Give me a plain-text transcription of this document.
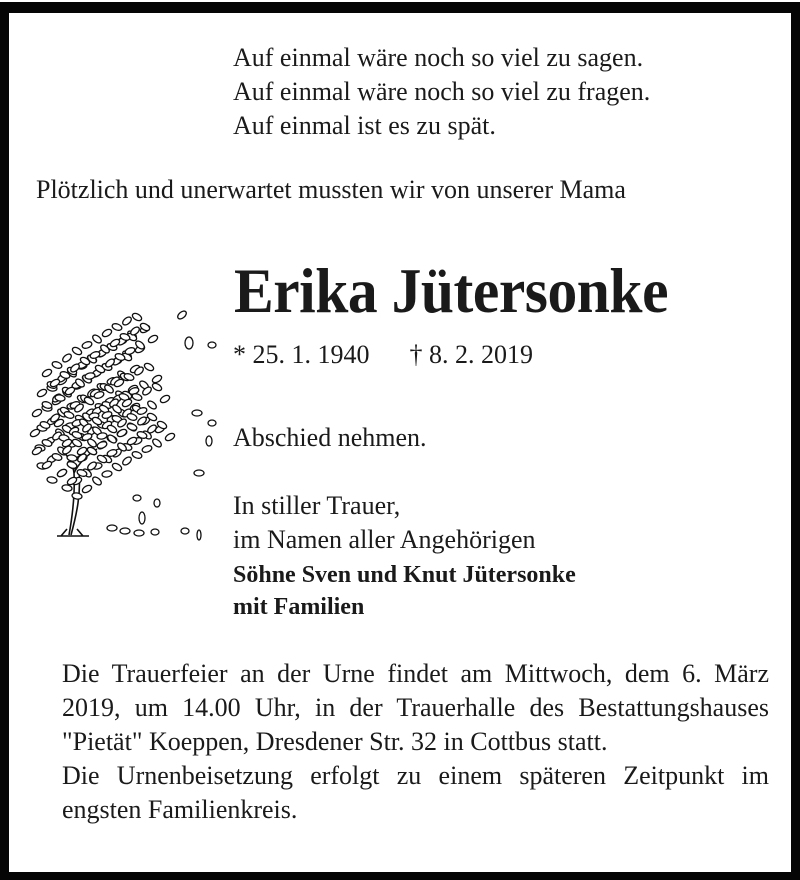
Auf einmal wäre noch so viel zu sagen.
Auf einmal wäre noch so viel zu fragen.
Auf einmal ist es zu spät.
Plötzlich und unerwartet mussten wir von unserer Mama
Erika Jütersonke
* 25. 1. 1940 † 8. 2. 2019
Abschied nehmen.
In stiller Trauer,
im Namen aller Angehörigen
Söhne Sven und Knut Jütersonke
mit Familien

Die Trauerfeier an der Urne findet am Mittwoch, dem 6. März 2019, um 14.00 Uhr, in der Trauerhalle des Bestattungshauses "Pietät" Koeppen, Dresdener Str. 32 in Cottbus statt.

Die Urnenbeisetzung erfolgt zu einem späteren Zeitpunkt im engsten Familienkreis.
